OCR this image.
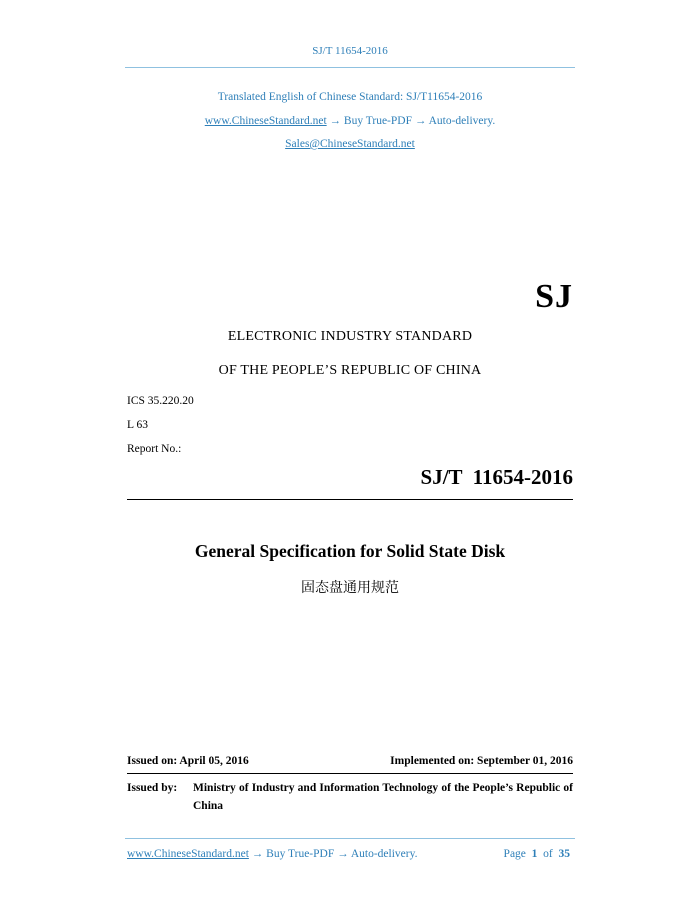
SJ/T 11654-2016
Translated English of Chinese Standard: SJ/T11654-2016
www.ChineseStandard.net → Buy True-PDF → Auto-delivery.
Sales@ChineseStandard.net
SJ
ELECTRONIC INDUSTRY STANDARD
OF THE PEOPLE’S REPUBLIC OF CHINA
ICS 35.220.20
L 63
Report No.:
SJ/T  11654-2016
General Specification for Solid State Disk
固态盘通用规范
Issued on: April 05, 2016	Implemented on: September 01, 2016
Issued by:	Ministry of Industry and Information Technology of the People’s Republic of China
www.ChineseStandard.net → Buy True-PDF → Auto-delivery.	Page 1 of 35
